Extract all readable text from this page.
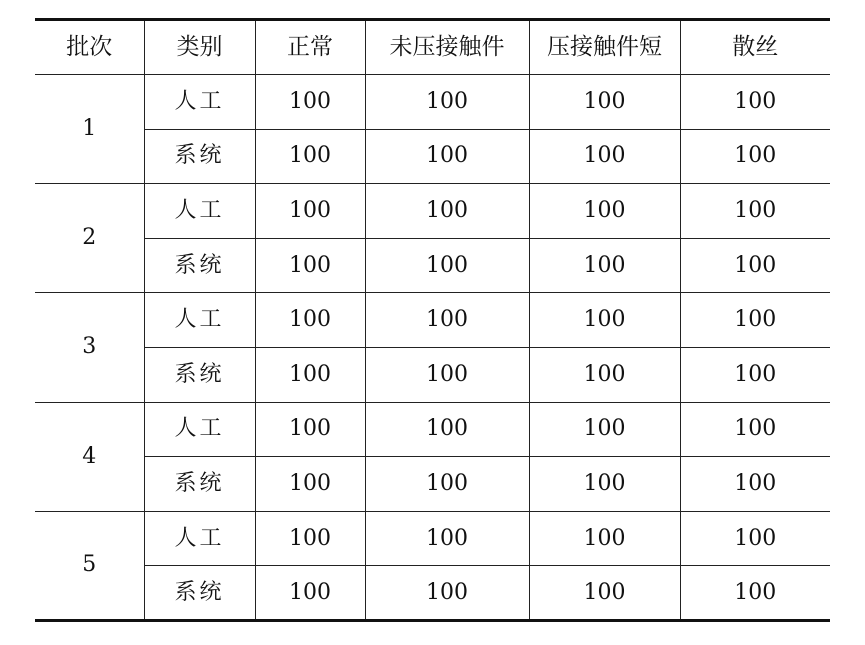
批次	类别	正常	未压接触件	压接触件短	散丝
1	人工	100	100	100	100
	系统	100	100	100	100
2	人工	100	100	100	100
	系统	100	100	100	100
3	人工	100	100	100	100
	系统	100	100	100	100
4	人工	100	100	100	100
	系统	100	100	100	100
5	人工	100	100	100	100
	系统	100	100	100	100
